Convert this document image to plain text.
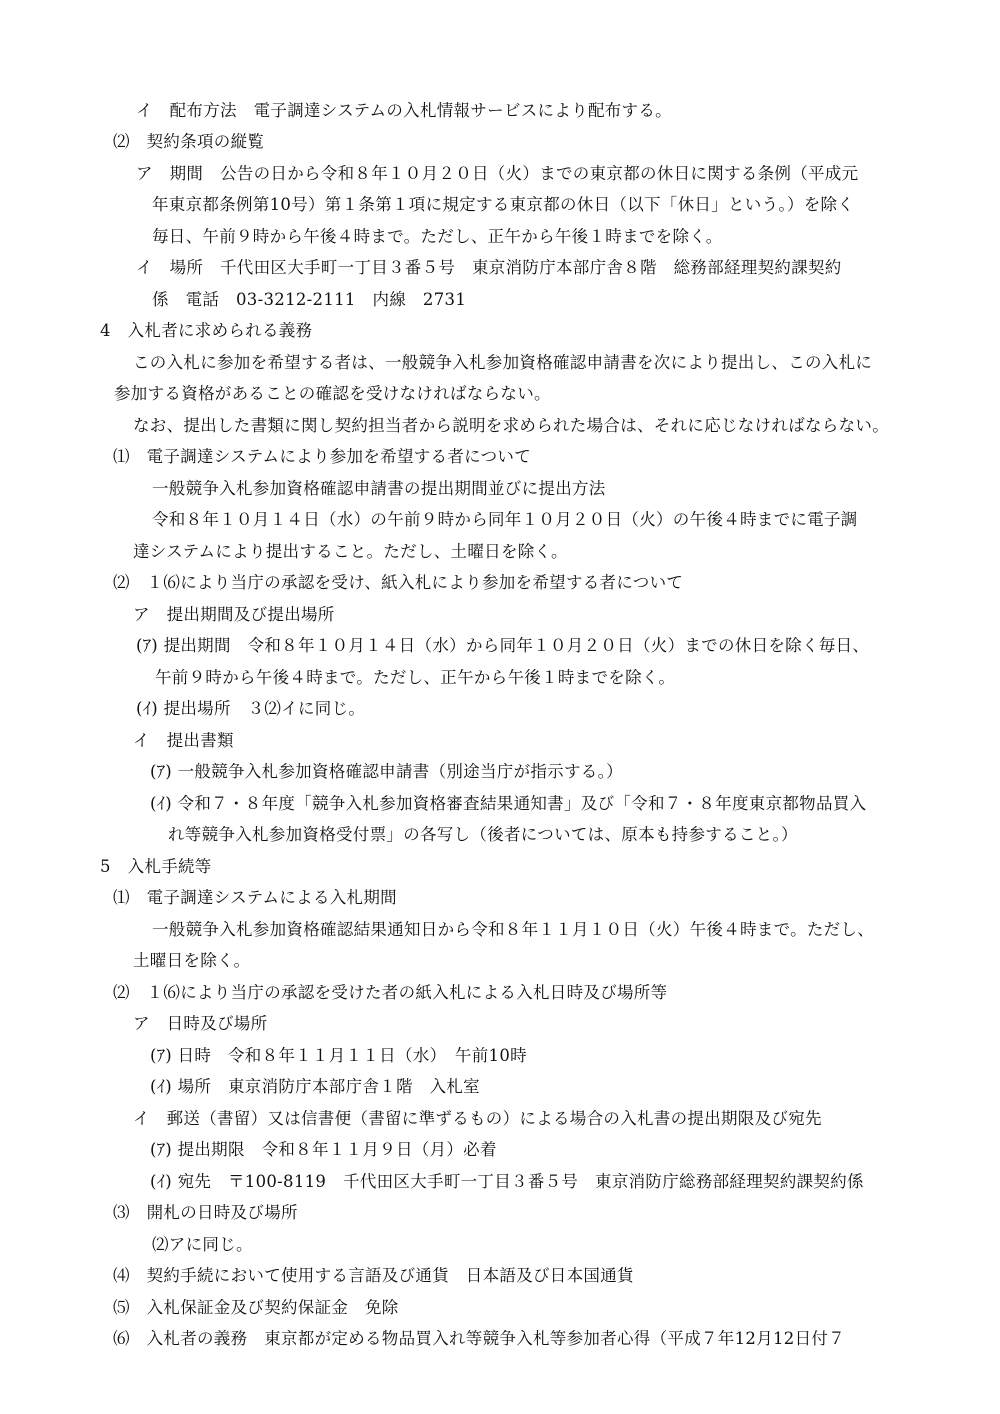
イ　配布方法　電子調達システムの入札情報サービスにより配布する。
⑵　契約条項の縦覧
ア　期間　公告の日から令和８年１０月２０日（火）までの東京都の休日に関する条例（平成元
年東京都条例第10号）第１条第１項に規定する東京都の休日（以下「休日」という。）を除く
毎日、午前９時から午後４時まで。ただし、正午から午後１時までを除く。
イ　場所　千代田区大手町一丁目３番５号　東京消防庁本部庁舎８階　総務部経理契約課契約
係　電話　03-3212-2111　内線　2731
4　入札者に求められる義務
この入札に参加を希望する者は、一般競争入札参加資格確認申請書を次により提出し、この入札に
参加する資格があることの確認を受けなければならない。
なお、提出した書類に関し契約担当者から説明を求められた場合は、それに応じなければならない。
⑴　電子調達システムにより参加を希望する者について
一般競争入札参加資格確認申請書の提出期間並びに提出方法
令和８年１０月１４日（水）の午前９時から同年１０月２０日（火）の午後４時までに電子調
達システムにより提出すること。ただし、土曜日を除く。
⑵　１⑹により当庁の承認を受け、紙入札により参加を希望する者について
ア　提出期間及び提出場所
(ｱ) 提出期間　令和８年１０月１４日（水）から同年１０月２０日（火）までの休日を除く毎日、
午前９時から午後４時まで。ただし、正午から午後１時までを除く。
(ｲ) 提出場所　３⑵イに同じ。
イ　提出書類
(ｱ) 一般競争入札参加資格確認申請書（別途当庁が指示する。）
(ｲ) 令和７・８年度「競争入札参加資格審査結果通知書」及び「令和７・８年度東京都物品買入
れ等競争入札参加資格受付票」の各写し（後者については、原本も持参すること。）
5　入札手続等
⑴　電子調達システムによる入札期間
一般競争入札参加資格確認結果通知日から令和８年１１月１０日（火）午後４時まで。ただし、
土曜日を除く。
⑵　１⑹により当庁の承認を受けた者の紙入札による入札日時及び場所等
ア　日時及び場所
(ｱ) 日時　令和８年１１月１１日（水）　午前10時
(ｲ) 場所　東京消防庁本部庁舎１階　入札室
イ　郵送（書留）又は信書便（書留に準ずるもの）による場合の入札書の提出期限及び宛先
(ｱ) 提出期限　令和８年１１月９日（月）必着
(ｲ) 宛先　〒100-8119　千代田区大手町一丁目３番５号　東京消防庁総務部経理契約課契約係
⑶　開札の日時及び場所
⑵アに同じ。
⑷　契約手続において使用する言語及び通貨　日本語及び日本国通貨
⑸　入札保証金及び契約保証金　免除
⑹　入札者の義務　東京都が定める物品買入れ等競争入札等参加者心得（平成７年12月12日付７
